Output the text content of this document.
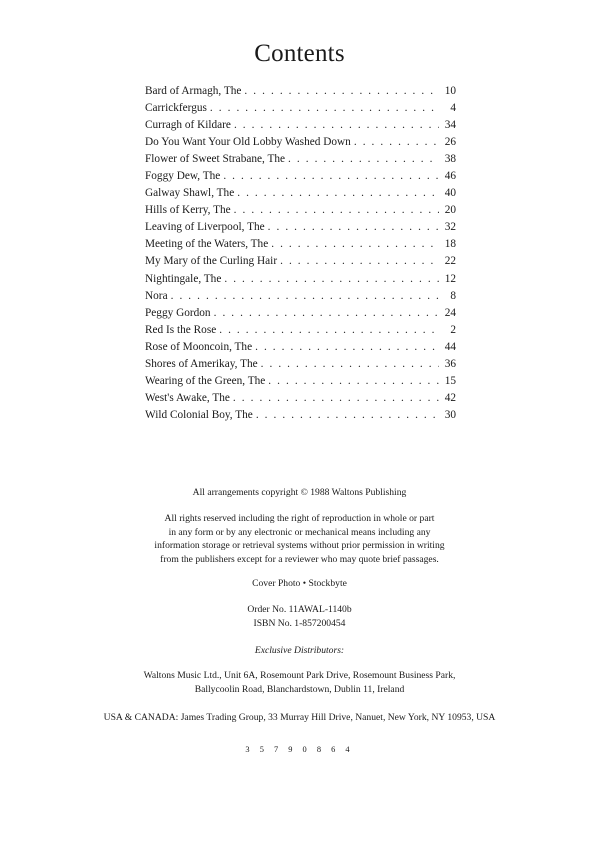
Contents
Bard of Armagh, The . . .	10
Carrickfergus . . .	4
Curragh of Kildare . . .	34
Do You Want Your Old Lobby Washed Down . . .	26
Flower of Sweet Strabane, The . . .	38
Foggy Dew, The . . .	46
Galway Shawl, The . . .	40
Hills of Kerry, The . . .	20
Leaving of Liverpool, The . . .	32
Meeting of the Waters, The . . .	18
My Mary of the Curling Hair . . .	22
Nightingale, The . . .	12
Nora . . .	8
Peggy Gordon . . .	24
Red Is the Rose . . .	2
Rose of Mooncoin, The . . .	44
Shores of Amerikay, The . . .	36
Wearing of the Green, The . . .	15
West's Awake, The . . .	42
Wild Colonial Boy, The . . .	30
All arrangements copyright © 1988 Waltons Publishing
All rights reserved including the right of reproduction in whole or part
in any form or by any electronic or mechanical means including any
information storage or retrieval systems without prior permission in writing
from the publishers except for a reviewer who may quote brief passages.
Cover Photo • Stockbyte
Order No. 11AWAL-1140b
ISBN No. 1-857200454
Exclusive Distributors:
Waltons Music Ltd., Unit 6A, Rosemount Park Drive, Rosemount Business Park,
Ballycoolin Road, Blanchardstown, Dublin 11, Ireland
USA & CANADA: James Trading Group, 33 Murray Hill Drive, Nanuet, New York, NY 10953, USA
3 5 7 9 0 8 6 4
